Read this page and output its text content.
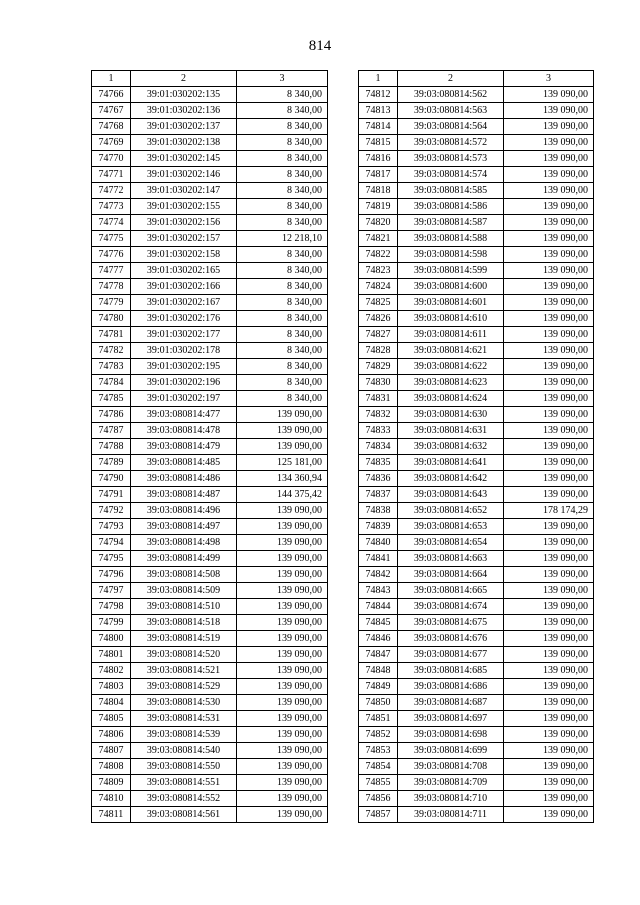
814
1	2	3
74766	39:01:030202:135	8 340,00
74767	39:01:030202:136	8 340,00
74768	39:01:030202:137	8 340,00
74769	39:01:030202:138	8 340,00
74770	39:01:030202:145	8 340,00
74771	39:01:030202:146	8 340,00
74772	39:01:030202:147	8 340,00
74773	39:01:030202:155	8 340,00
74774	39:01:030202:156	8 340,00
74775	39:01:030202:157	12 218,10
74776	39:01:030202:158	8 340,00
74777	39:01:030202:165	8 340,00
74778	39:01:030202:166	8 340,00
74779	39:01:030202:167	8 340,00
74780	39:01:030202:176	8 340,00
74781	39:01:030202:177	8 340,00
74782	39:01:030202:178	8 340,00
74783	39:01:030202:195	8 340,00
74784	39:01:030202:196	8 340,00
74785	39:01:030202:197	8 340,00
74786	39:03:080814:477	139 090,00
74787	39:03:080814:478	139 090,00
74788	39:03:080814:479	139 090,00
74789	39:03:080814:485	125 181,00
74790	39:03:080814:486	134 360,94
74791	39:03:080814:487	144 375,42
74792	39:03:080814:496	139 090,00
74793	39:03:080814:497	139 090,00
74794	39:03:080814:498	139 090,00
74795	39:03:080814:499	139 090,00
74796	39:03:080814:508	139 090,00
74797	39:03:080814:509	139 090,00
74798	39:03:080814:510	139 090,00
74799	39:03:080814:518	139 090,00
74800	39:03:080814:519	139 090,00
74801	39:03:080814:520	139 090,00
74802	39:03:080814:521	139 090,00
74803	39:03:080814:529	139 090,00
74804	39:03:080814:530	139 090,00
74805	39:03:080814:531	139 090,00
74806	39:03:080814:539	139 090,00
74807	39:03:080814:540	139 090,00
74808	39:03:080814:550	139 090,00
74809	39:03:080814:551	139 090,00
74810	39:03:080814:552	139 090,00
74811	39:03:080814:561	139 090,00
1	2	3
74812	39:03:080814:562	139 090,00
74813	39:03:080814:563	139 090,00
74814	39:03:080814:564	139 090,00
74815	39:03:080814:572	139 090,00
74816	39:03:080814:573	139 090,00
74817	39:03:080814:574	139 090,00
74818	39:03:080814:585	139 090,00
74819	39:03:080814:586	139 090,00
74820	39:03:080814:587	139 090,00
74821	39:03:080814:588	139 090,00
74822	39:03:080814:598	139 090,00
74823	39:03:080814:599	139 090,00
74824	39:03:080814:600	139 090,00
74825	39:03:080814:601	139 090,00
74826	39:03:080814:610	139 090,00
74827	39:03:080814:611	139 090,00
74828	39:03:080814:621	139 090,00
74829	39:03:080814:622	139 090,00
74830	39:03:080814:623	139 090,00
74831	39:03:080814:624	139 090,00
74832	39:03:080814:630	139 090,00
74833	39:03:080814:631	139 090,00
74834	39:03:080814:632	139 090,00
74835	39:03:080814:641	139 090,00
74836	39:03:080814:642	139 090,00
74837	39:03:080814:643	139 090,00
74838	39:03:080814:652	178 174,29
74839	39:03:080814:653	139 090,00
74840	39:03:080814:654	139 090,00
74841	39:03:080814:663	139 090,00
74842	39:03:080814:664	139 090,00
74843	39:03:080814:665	139 090,00
74844	39:03:080814:674	139 090,00
74845	39:03:080814:675	139 090,00
74846	39:03:080814:676	139 090,00
74847	39:03:080814:677	139 090,00
74848	39:03:080814:685	139 090,00
74849	39:03:080814:686	139 090,00
74850	39:03:080814:687	139 090,00
74851	39:03:080814:697	139 090,00
74852	39:03:080814:698	139 090,00
74853	39:03:080814:699	139 090,00
74854	39:03:080814:708	139 090,00
74855	39:03:080814:709	139 090,00
74856	39:03:080814:710	139 090,00
74857	39:03:080814:711	139 090,00
